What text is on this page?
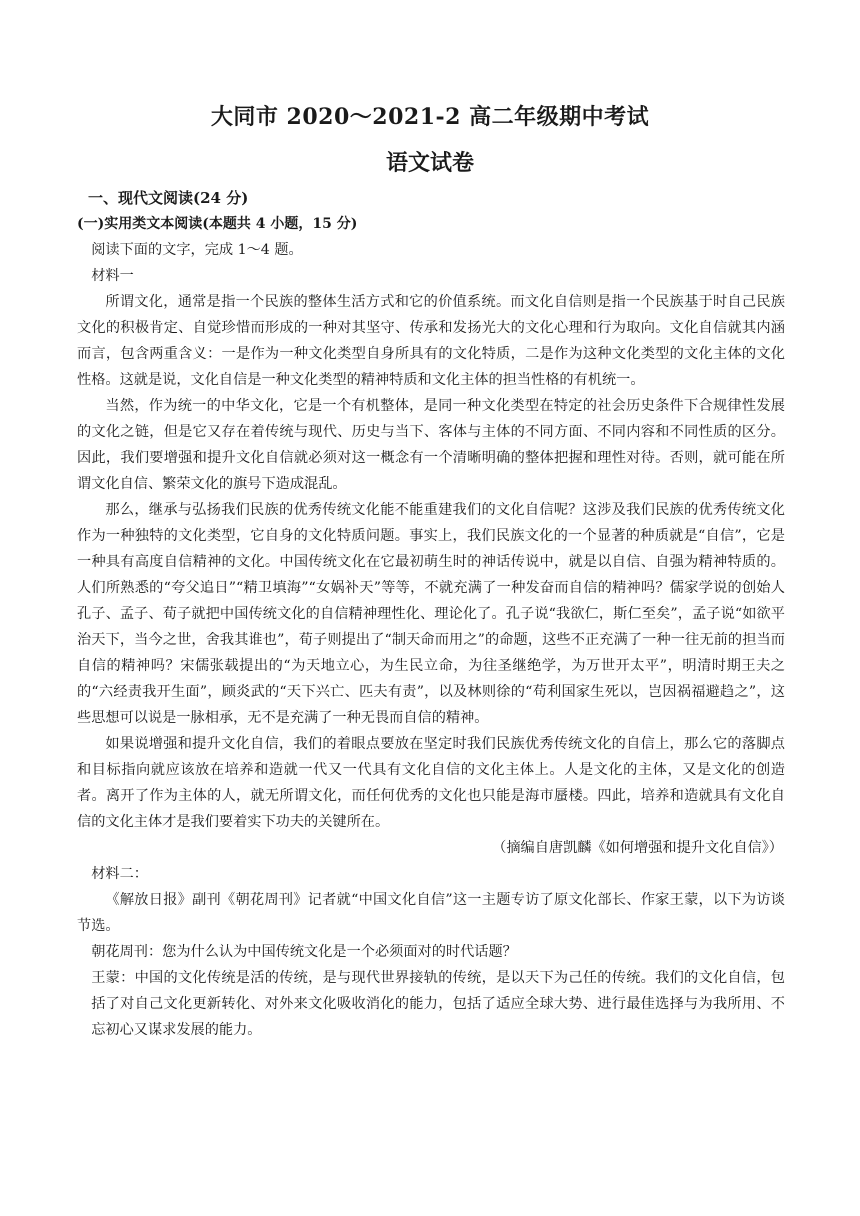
大同市 2020～2021-2 高二年级期中考试
语文试卷

一、现代文阅读(24 分)

(一)实用类文本阅读(本题共 4 小题，15 分)

阅读下面的文字，完成 1～4 题。

材料一

所谓文化，通常是指一个民族的整体生活方式和它的价值系统。而文化自信则是指一个民族基于时自己民族文化的积极肯定、自觉珍惜而形成的一种对其坚守、传承和发扬光大的文化心理和行为取向。文化自信就其内涵而言，包含两重含义：一是作为一种文化类型自身所具有的文化特质，二是作为这种文化类型的文化主体的文化性格。这就是说，文化自信是一种文化类型的精神特质和文化主体的担当性格的有机统一。

当然，作为统一的中华文化，它是一个有机整体，是同一种文化类型在特定的社会历史条件下合规律性发展的文化之链，但是它又存在着传统与现代、历史与当下、客体与主体的不同方面、不同内容和不同性质的区分。因此，我们要增强和提升文化自信就必须对这一概念有一个清晰明确的整体把握和理性对待。否则，就可能在所谓文化自信、繁荣文化的旗号下造成混乱。

那么，继承与弘扬我们民族的优秀传统文化能不能重建我们的文化自信呢？这涉及我们民族的优秀传统文化作为一种独特的文化类型，它自身的文化特质问题。事实上，我们民族文化的一个显著的种质就是“自信”，它是一种具有高度自信精神的文化。中国传统文化在它最初萌生时的神话传说中，就是以自信、自强为精神特质的。人们所熟悉的“夸父追日”“精卫填海”“女娲补天”等等，不就充满了一种发奋而自信的精神吗？儒家学说的创始人孔子、孟子、荀子就把中国传统文化的自信精神理性化、理论化了。孔子说“我欲仁，斯仁至矣”，孟子说“如欲平治天下，当今之世，舍我其谁也”，荀子则提出了“制天命而用之”的命题，这些不正充满了一种一往无前的担当而自信的精神吗？宋儒张载提出的“为天地立心，为生民立命，为往圣继绝学，为万世开太平”，明清时期王夫之的“六经责我开生面”，顾炎武的“天下兴亡、匹夫有责”，以及林则徐的“苟利国家生死以，岂因祸福避趋之”，这些思想可以说是一脉相承，无不是充满了一种无畏而自信的精神。

如果说增强和提升文化自信，我们的着眼点要放在坚定时我们民族优秀传统文化的自信上，那么它的落脚点和目标指向就应该放在培养和造就一代又一代具有文化自信的文化主体上。人是文化的主体，又是文化的创造者。离开了作为主体的人，就无所谓文化，而任何优秀的文化也只能是海市蜃楼。四此，培养和造就具有文化自信的文化主体才是我们要着实下功夫的关键所在。

（摘编自唐凯麟《如何增强和提升文化自信》）

材料二：

《解放日报》副刊《朝花周刊》记者就“中国文化自信”这一主题专访了原文化部长、作家王蒙，以下为访谈节选。

朝花周刊：您为什么认为中国传统文化是一个必须面对的时代话题？

王蒙：中国的文化传统是活的传统，是与现代世界接轨的传统，是以天下为己任的传统。我们的文化自信，包括了对自己文化更新转化、对外来文化吸收消化的能力，包括了适应全球大势、进行最佳选择与为我所用、不忘初心又谋求发展的能力。
